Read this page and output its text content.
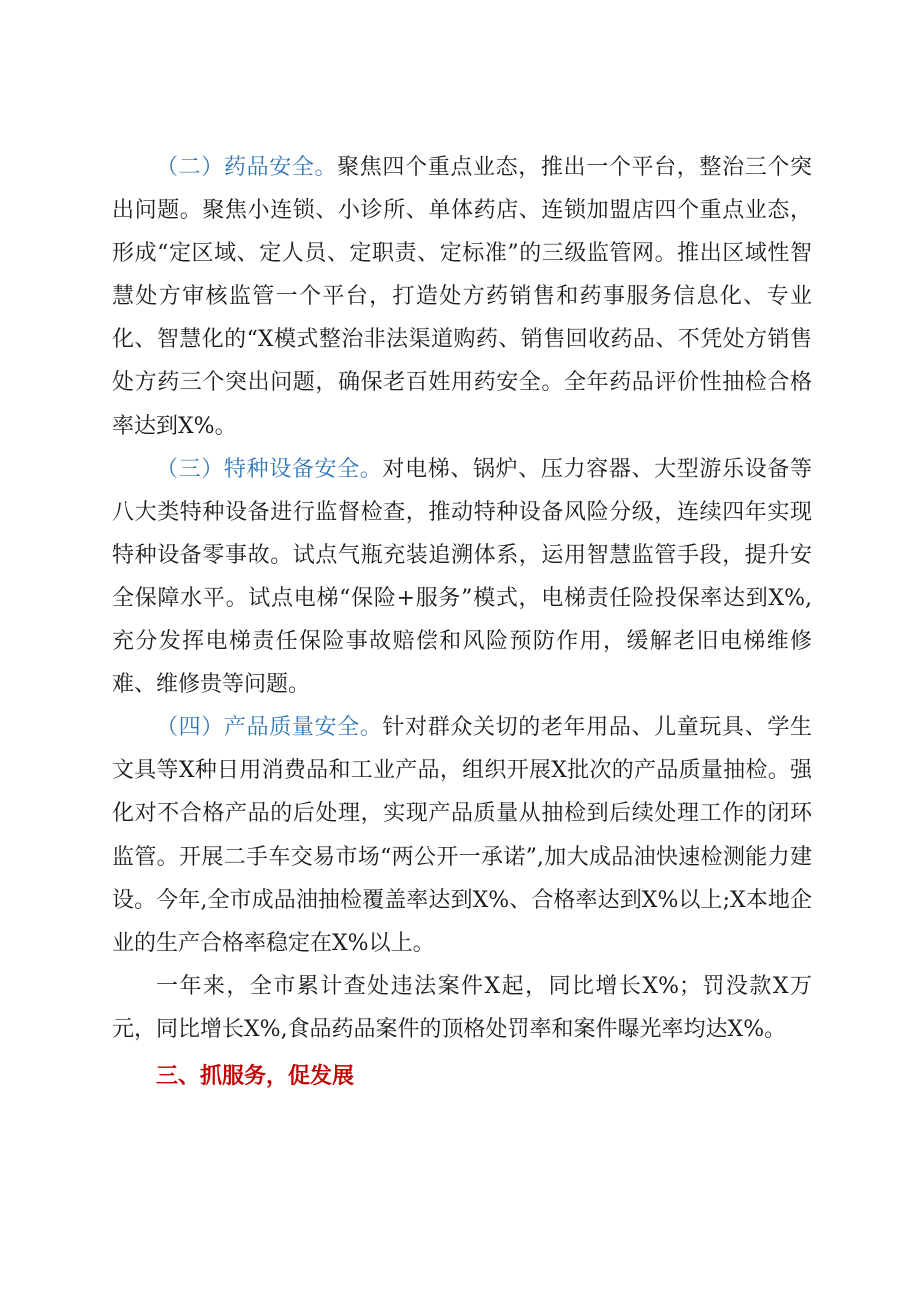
（二）药品安全。聚焦四个重点业态，推出一个平台，整治三个突出问题。聚焦小连锁、小诊所、单体药店、连锁加盟店四个重点业态，形成“定区域、定人员、定职责、定标准”的三级监管网。推出区域性智慧处方审核监管一个平台，打造处方药销售和药事服务信息化、专业化、智慧化的“X模式整治非法渠道购药、销售回收药品、不凭处方销售处方药三个突出问题，确保老百姓用药安全。全年药品评价性抽检合格率达到X%。

（三）特种设备安全。对电梯、锅炉、压力容器、大型游乐设备等八大类特种设备进行监督检查，推动特种设备风险分级，连续四年实现特种设备零事故。试点气瓶充装追溯体系，运用智慧监管手段，提升安全保障水平。试点电梯“保险+服务”模式，电梯责任险投保率达到X%,充分发挥电梯责任保险事故赔偿和风险预防作用，缓解老旧电梯维修难、维修贵等问题。

（四）产品质量安全。针对群众关切的老年用品、儿童玩具、学生文具等X种日用消费品和工业产品，组织开展X批次的产品质量抽检。强化对不合格产品的后处理，实现产品质量从抽检到后续处理工作的闭环监管。开展二手车交易市场“两公开一承诺”,加大成品油快速检测能力建设。今年,全市成品油抽检覆盖率达到X%、合格率达到X%以上;X本地企业的生产合格率稳定在X%以上。

一年来，全市累计查处违法案件X起，同比增长X%；罚没款X万元，同比增长X%,食品药品案件的顶格处罚率和案件曝光率均达X%。

三、抓服务，促发展
